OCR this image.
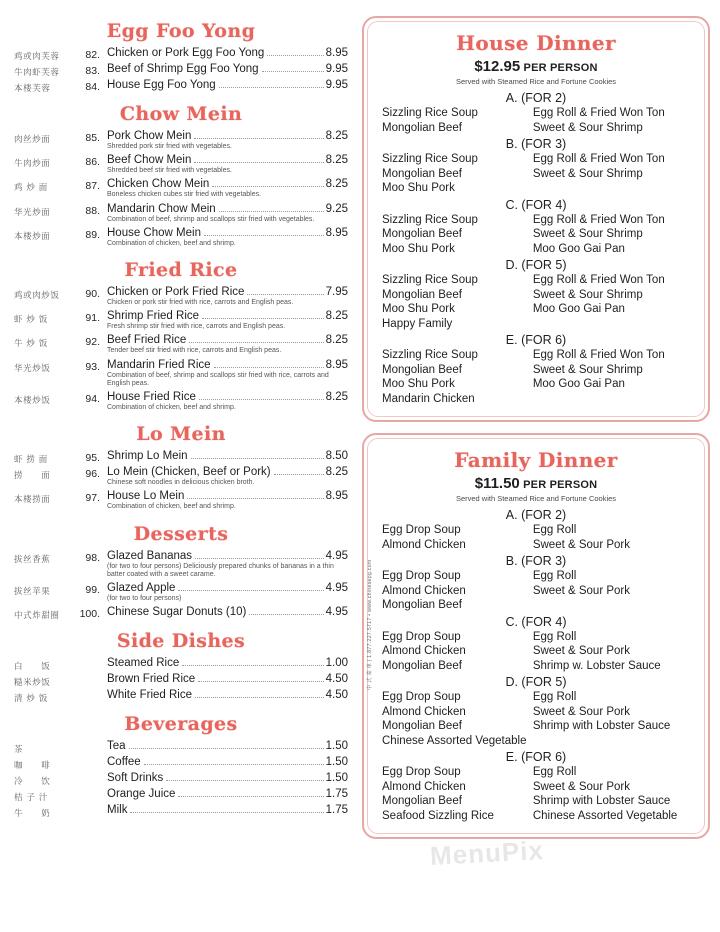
Egg Foo Yong
鸡或肉芙蓉	82. Chicken or Pork Egg Foo Yong	8.95
牛肉虾芙蓉	83. Beef of Shrimp Egg Foo Yong	9.95
本楼芙蓉	84. House Egg Foo Yong	9.95
Chow Mein
肉丝炒面	85. Pork Chow Mein	8.25
Shredded pork stir fried with vegetables.
牛肉炒面	86. Beef Chow Mein	8.25
Shredded beef stir fried with vegetables.
鸡 炒 面	87. Chicken Chow Mein	8.25
Boneless chicken cubes stir fried with vegetables.
华光炒面	88. Mandarin Chow Mein	9.25
Combination of beef, shrimp and scallops stir fried with vegetables.
本楼炒面	89. House Chow Mein	8.95
Combination of chicken, beef and shrimp.
Fried Rice
鸡或肉炒饭	90. Chicken or Pork Fried Rice	7.95
Chicken or pork stir fried with rice, carrots and English peas.
虾 炒 饭	91. Shrimp Fried Rice	8.25
Fresh shrimp stir fried with rice, carrots and English peas.
牛 炒 饭	92. Beef Fried Rice	8.25
Tender beef stir fried with rice, carrots and English peas.
华光炒饭	93. Mandarin Fried Rice	8.95
Combination of beef, shrimp and scallops stir fried with rice, carrots and English peas.
本楼炒饭	94. House Fried Rice	8.25
Combination of chicken, beef and shrimp.
Lo Mein
虾 捞 面	95. Shrimp Lo Mein	8.50
捞　　面	96. Lo Mein (Chicken, Beef or Pork)	8.25
Chinese soft noodles in delicious chicken broth.
本楼捞面	97. House Lo Mein	8.95
Combination of chicken, beef and shrimp.
Desserts
拔丝香蕉	98. Glazed Bananas	4.95
(for two to four persons) Deliciously prepared chunks of bananas in a thin batter coated with a sweet carame.
拔丝苹果	99. Glazed Apple	4.95
(for two to four persons)
中式炸甜圈	100. Chinese Sugar Donuts (10)	4.95
Side Dishes
白　　饭	Steamed Rice	1.00
糙米炒饭	Brown Fried Rice	4.50
清 炒 饭	White Fried Rice	4.50
Beverages
茶	Tea	1.50
咖　　啡	Coffee	1.50
冷　　饮	Soft Drinks	1.50
桔 子 汁	Orange Juice	1.75
牛　　奶	Milk	1.75
中 式 菜 单 | 1.877.227.5717 • www.chinesepg.com
House Dinner
$12.95 PER PERSON
Served with Steamed Rice and Fortune Cookies
A. (FOR 2)
Sizzling Rice Soup	Egg Roll & Fried Won Ton
Mongolian Beef	Sweet & Sour Shrimp
B. (FOR 3)
Sizzling Rice Soup	Egg Roll & Fried Won Ton
Mongolian Beef	Sweet & Sour Shrimp
Moo Shu Pork
C. (FOR 4)
Sizzling Rice Soup	Egg Roll & Fried Won Ton
Mongolian Beef	Sweet & Sour Shrimp
Moo Shu Pork	Moo Goo Gai Pan
D. (FOR 5)
Sizzling Rice Soup	Egg Roll & Fried Won Ton
Mongolian Beef	Sweet & Sour Shrimp
Moo Shu Pork	Moo Goo Gai Pan
Happy Family
E. (FOR 6)
Sizzling Rice Soup	Egg Roll & Fried Won Ton
Mongolian Beef	Sweet & Sour Shrimp
Moo Shu Pork	Moo Goo Gai Pan
Mandarin Chicken
Family Dinner
$11.50 PER PERSON
Served with Steamed Rice and Fortune Cookies
A. (FOR 2)
Egg Drop Soup	Egg Roll
Almond Chicken	Sweet & Sour Pork
B. (FOR 3)
Egg Drop Soup	Egg Roll
Almond Chicken	Sweet & Sour Pork
Mongolian Beef
C. (FOR 4)
Egg Drop Soup	Egg Roll
Almond Chicken	Sweet & Sour Pork
Mongolian Beef	Shrimp w. Lobster Sauce
D. (FOR 5)
Egg Drop Soup	Egg Roll
Almond Chicken	Sweet & Sour Pork
Mongolian Beef	Shrimp with Lobster Sauce
Chinese Assorted Vegetable
E. (FOR 6)
Egg Drop Soup	Egg Roll
Almond Chicken	Sweet & Sour Pork
Mongolian Beef	Shrimp with Lobster Sauce
Seafood Sizzling Rice	Chinese Assorted Vegetable
MenuPix
